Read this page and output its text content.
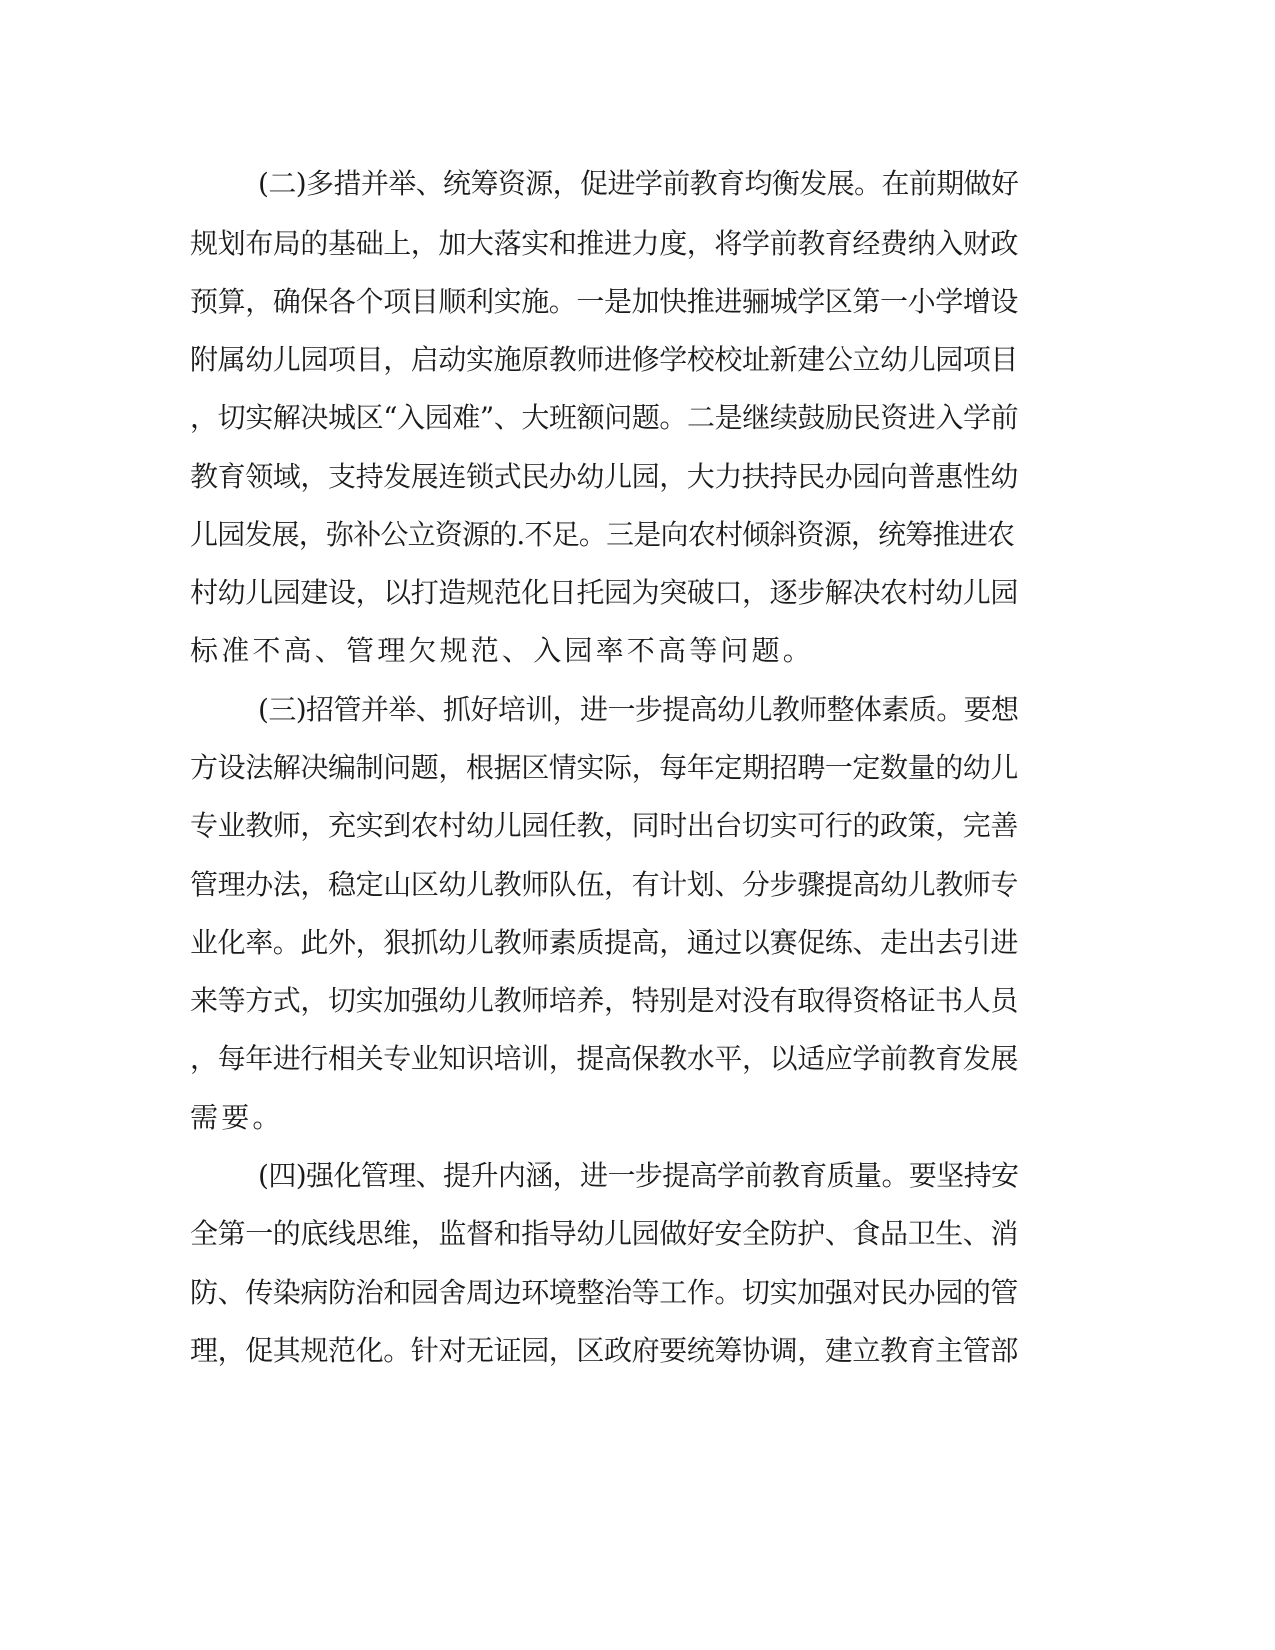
(二)多措并举、统筹资源，促进学前教育均衡发展。在前期做好
规划布局的基础上，加大落实和推进力度，将学前教育经费纳入财政
预算，确保各个项目顺利实施。一是加快推进骊城学区第一小学增设
附属幼儿园项目，启动实施原教师进修学校校址新建公立幼儿园项目
，切实解决城区“入园难”、大班额问题。二是继续鼓励民资进入学前
教育领域，支持发展连锁式民办幼儿园，大力扶持民办园向普惠性幼
儿园发展，弥补公立资源的.不足。三是向农村倾斜资源，统筹推进农
村幼儿园建设，以打造规范化日托园为突破口，逐步解决农村幼儿园
标准不高、管理欠规范、入园率不高等问题。
(三)招管并举、抓好培训，进一步提高幼儿教师整体素质。要想
方设法解决编制问题，根据区情实际，每年定期招聘一定数量的幼儿
专业教师，充实到农村幼儿园任教，同时出台切实可行的政策，完善
管理办法，稳定山区幼儿教师队伍，有计划、分步骤提高幼儿教师专
业化率。此外，狠抓幼儿教师素质提高，通过以赛促练、走出去引进
来等方式，切实加强幼儿教师培养，特别是对没有取得资格证书人员
，每年进行相关专业知识培训，提高保教水平，以适应学前教育发展
需要。
(四)强化管理、提升内涵，进一步提高学前教育质量。要坚持安
全第一的底线思维，监督和指导幼儿园做好安全防护、食品卫生、消
防、传染病防治和园舍周边环境整治等工作。切实加强对民办园的管
理，促其规范化。针对无证园，区政府要统筹协调，建立教育主管部
